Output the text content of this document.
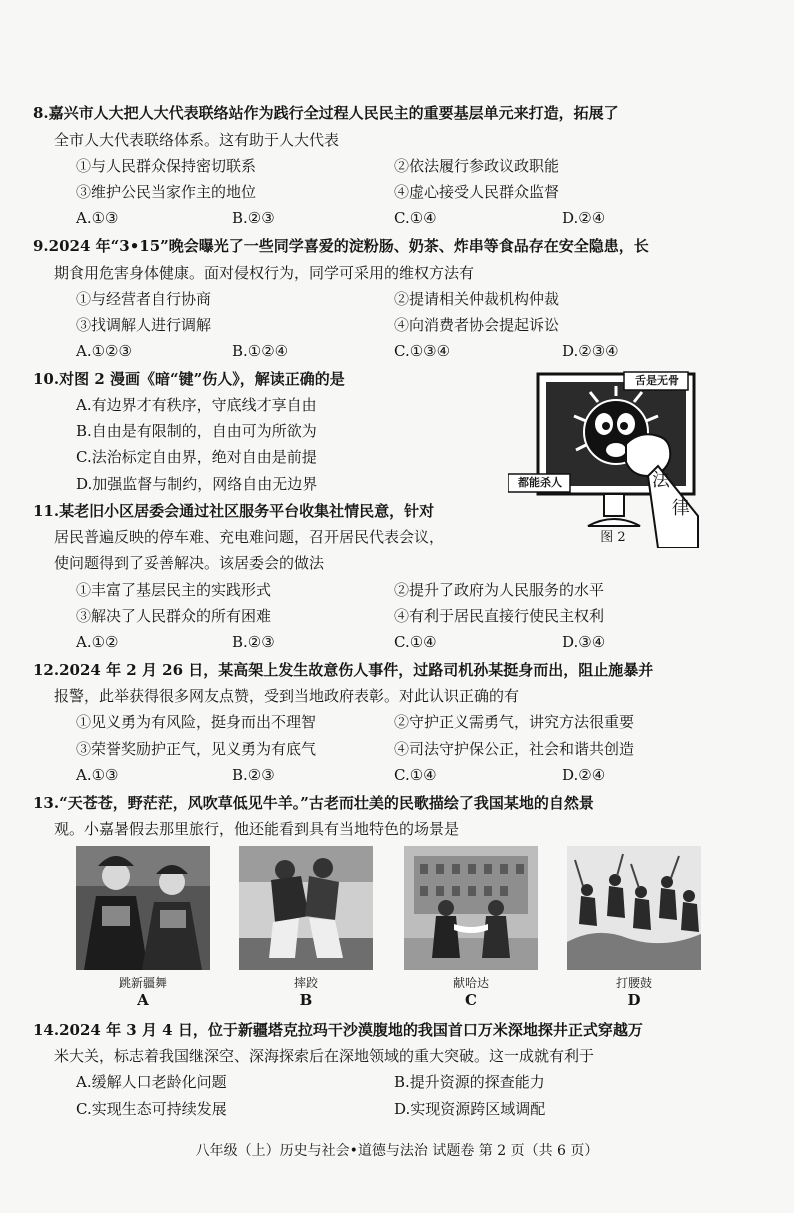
8.嘉兴市人大把人大代表联络站作为践行全过程人民民主的重要基层单元来打造，拓展了
全市人大代表联络体系。这有助于人大代表
①与人民群众保持密切联系	②依法履行参政议政职能
③维护公民当家作主的地位	④虚心接受人民群众监督
A.①③	B.②③	C.①④	D.②④
9.2024 年“3•15”晚会曝光了一些同学喜爱的淀粉肠、奶茶、炸串等食品存在安全隐患，长
期食用危害身体健康。面对侵权行为，同学可采用的维权方法有
①与经营者自行协商	②提请相关仲裁机构仲裁
③找调解人进行调解	④向消费者协会提起诉讼
A.①②③	B.①②④	C.①③④	D.②③④
10.对图 2 漫画《暗“键”伤人》，解读正确的是
A.有边界才有秩序，守底线才享自由
B.自由是有限制的，自由可为所欲为
C.法治标定自由界，绝对自由是前提
D.加强监督与制约，网络自由无边界
舌是无骨
都能杀人	法
律
图 2
11.某老旧小区居委会通过社区服务平台收集社情民意，针对
居民普遍反映的停车难、充电难问题，召开居民代表会议，
使问题得到了妥善解决。该居委会的做法
①丰富了基层民主的实践形式	②提升了政府为人民服务的水平
③解决了人民群众的所有困难	④有利于居民直接行使民主权利
A.①②	B.②③	C.①④	D.③④
12.2024 年 2 月 26 日，某高架上发生故意伤人事件，过路司机孙某挺身而出，阻止施暴并
报警，此举获得很多网友点赞，受到当地政府表彰。对此认识正确的有
①见义勇为有风险，挺身而出不理智	②守护正义需勇气，讲究方法很重要
③荣誉奖励护正气，见义勇为有底气	④司法守护保公正，社会和谐共创造
A.①③	B.②③	C.①④	D.②④
13.“天苍苍，野茫茫，风吹草低见牛羊。”古老而壮美的民歌描绘了我国某地的自然景
观。小嘉暑假去那里旅行，他还能看到具有当地特色的场景是
跳新疆舞
A
摔跤
B
献哈达
C
打腰鼓
D
14.2024 年 3 月 4 日，位于新疆塔克拉玛干沙漠腹地的我国首口万米深地探井正式穿越万
米大关，标志着我国继深空、深海探索后在深地领域的重大突破。这一成就有利于
A.缓解人口老龄化问题	B.提升资源的探查能力
C.实现生态可持续发展	D.实现资源跨区域调配
八年级（上）历史与社会•道德与法治 试题卷 第 2 页（共 6 页）
